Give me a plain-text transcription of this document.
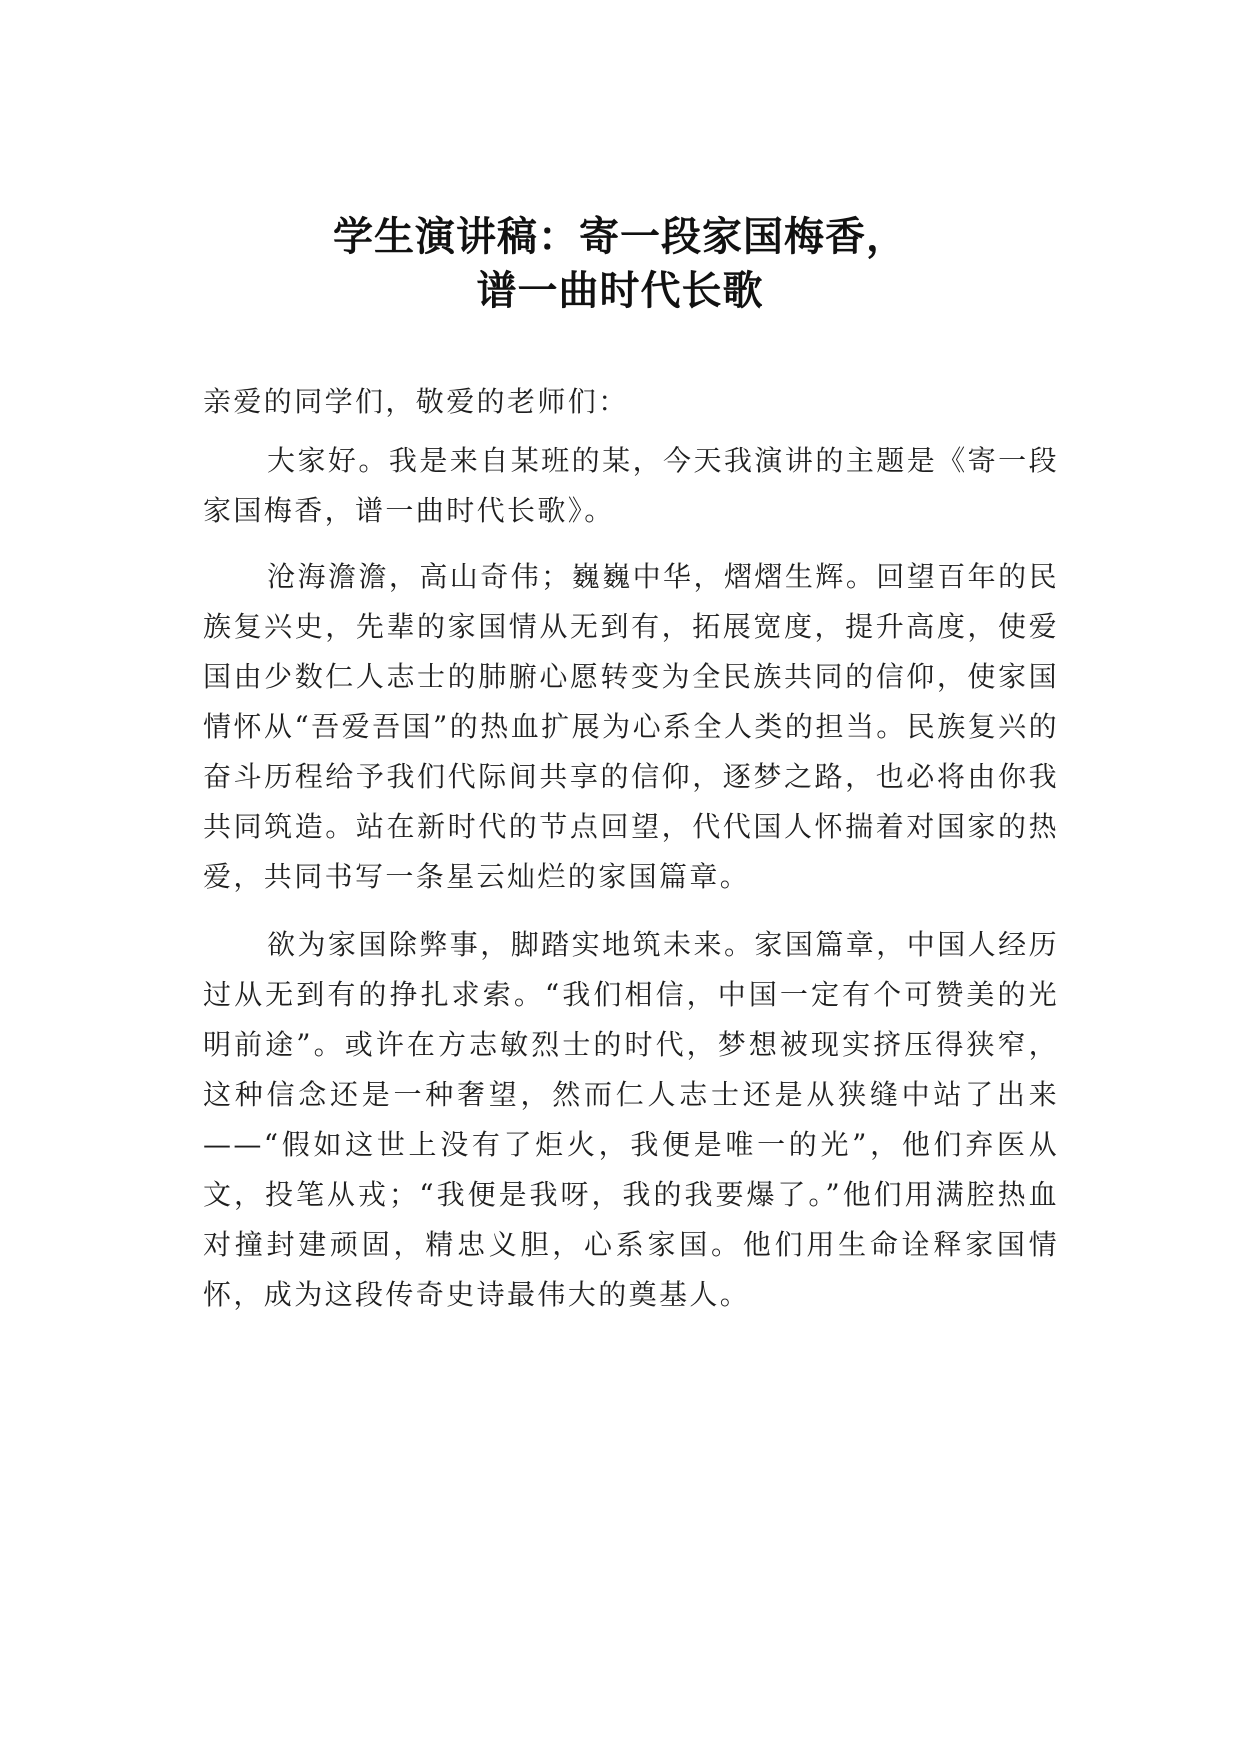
学生演讲稿：寄一段家国梅香，
谱一曲时代长歌

亲爱的同学们，敬爱的老师们：

大家好。我是来自某班的某，今天我演讲的主题是《寄一段家国梅香，谱一曲时代长歌》。

沧海澹澹，高山奇伟；巍巍中华，熠熠生辉。回望百年的民族复兴史，先辈的家国情从无到有，拓展宽度，提升高度，使爱国由少数仁人志士的肺腑心愿转变为全民族共同的信仰，使家国情怀从“吾爱吾国”的热血扩展为心系全人类的担当。民族复兴的奋斗历程给予我们代际间共享的信仰，逐梦之路，也必将由你我共同筑造。站在新时代的节点回望，代代国人怀揣着对国家的热爱，共同书写一条星云灿烂的家国篇章。

欲为家国除弊事，脚踏实地筑未来。家国篇章，中国人经历过从无到有的挣扎求索。“我们相信，中国一定有个可赞美的光明前途”。或许在方志敏烈士的时代，梦想被现实挤压得狭窄，这种信念还是一种奢望，然而仁人志士还是从狭缝中站了出来——“假如这世上没有了炬火，我便是唯一的光”，他们弃医从文，投笔从戎；“我便是我呀，我的我要爆了。”他们用满腔热血对撞封建顽固，精忠义胆，心系家国。他们用生命诠释家国情怀，成为这段传奇史诗最伟大的奠基人。
